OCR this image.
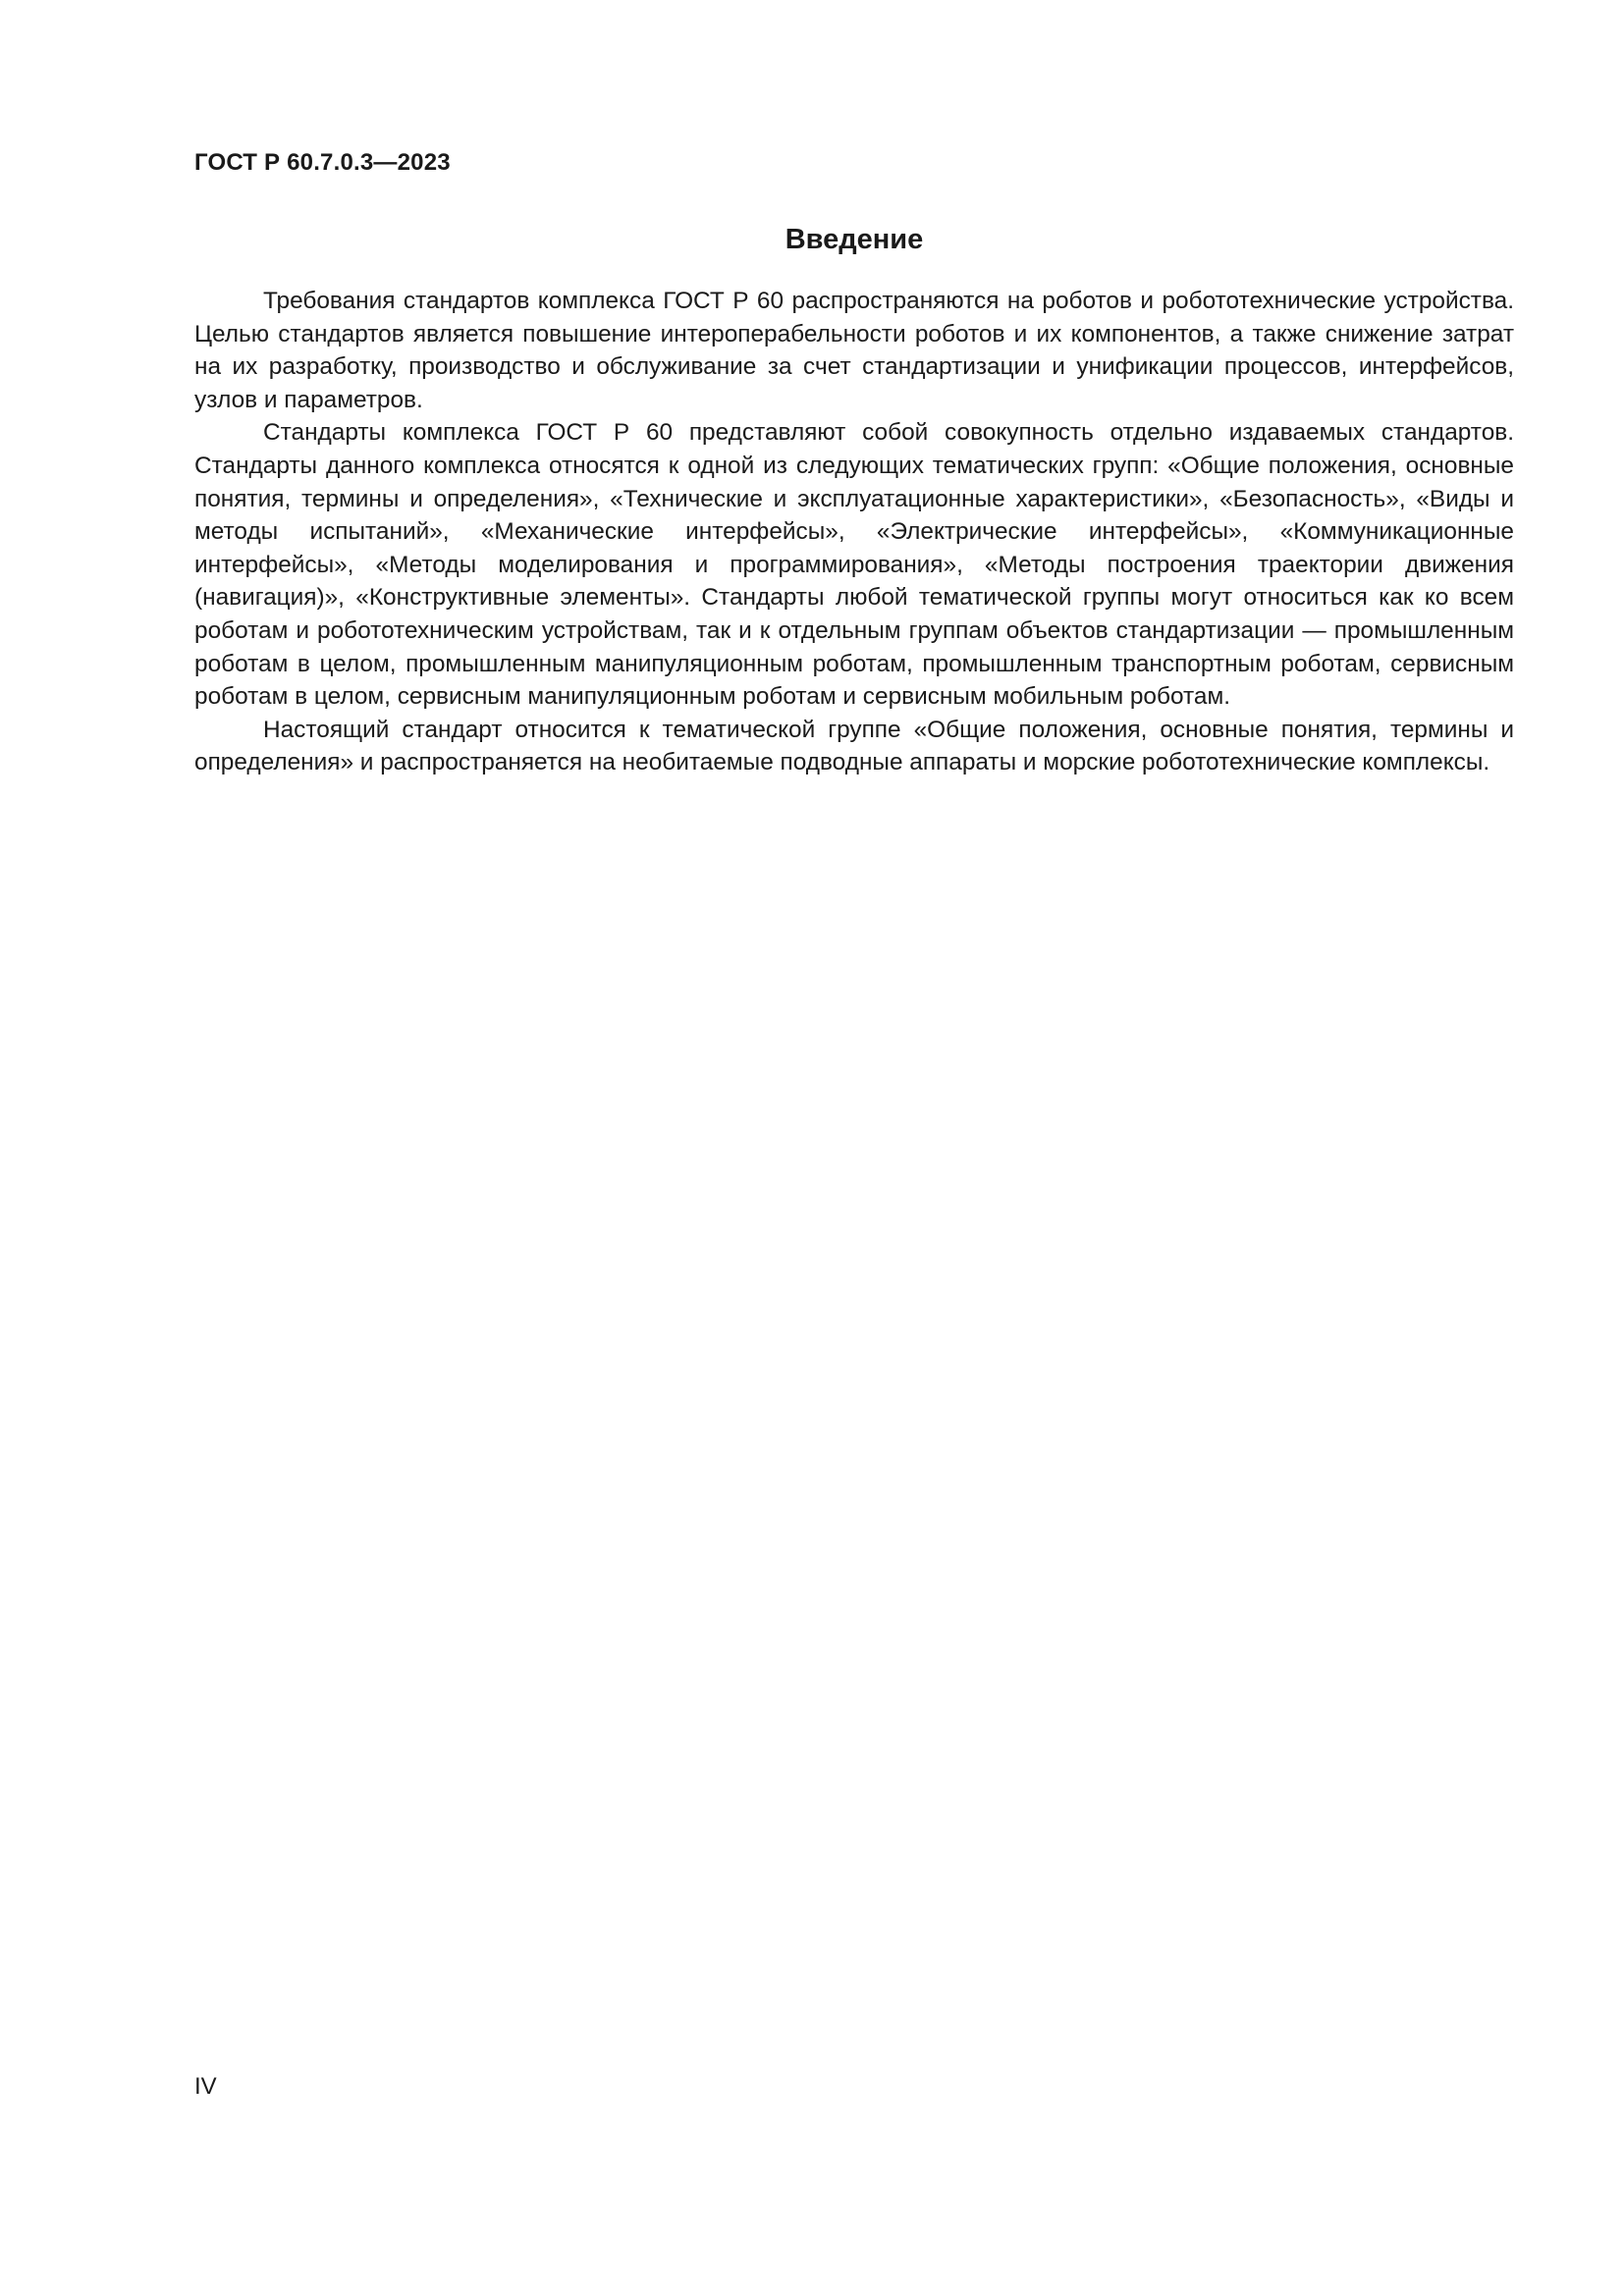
ГОСТ Р 60.7.0.3—2023
Введение

Требования стандартов комплекса ГОСТ Р 60 распространяются на роботов и робототехнические устройства. Целью стандартов является повышение интероперабельности роботов и их компонентов, а также снижение затрат на их разработку, производство и обслуживание за счет стандартизации и унификации процессов, интерфейсов, узлов и параметров.

Стандарты комплекса ГОСТ Р 60 представляют собой совокупность отдельно издаваемых стандартов. Стандарты данного комплекса относятся к одной из следующих тематических групп: «Общие положения, основные понятия, термины и определения», «Технические и эксплуатационные характеристики», «Безопасность», «Виды и методы испытаний», «Механические интерфейсы», «Электрические интерфейсы», «Коммуникационные интерфейсы», «Методы моделирования и программирования», «Методы построения траектории движения (навигация)», «Конструктивные элементы». Стандарты любой тематической группы могут относиться как ко всем роботам и робототехническим устройствам, так и к отдельным группам объектов стандартизации — промышленным роботам в целом, промышленным манипуляционным роботам, промышленным транспортным роботам, сервисным роботам в целом, сервисным манипуляционным роботам и сервисным мобильным роботам.

Настоящий стандарт относится к тематической группе «Общие положения, основные понятия, термины и определения» и распространяется на необитаемые подводные аппараты и морские робототехнические комплексы.

IV
